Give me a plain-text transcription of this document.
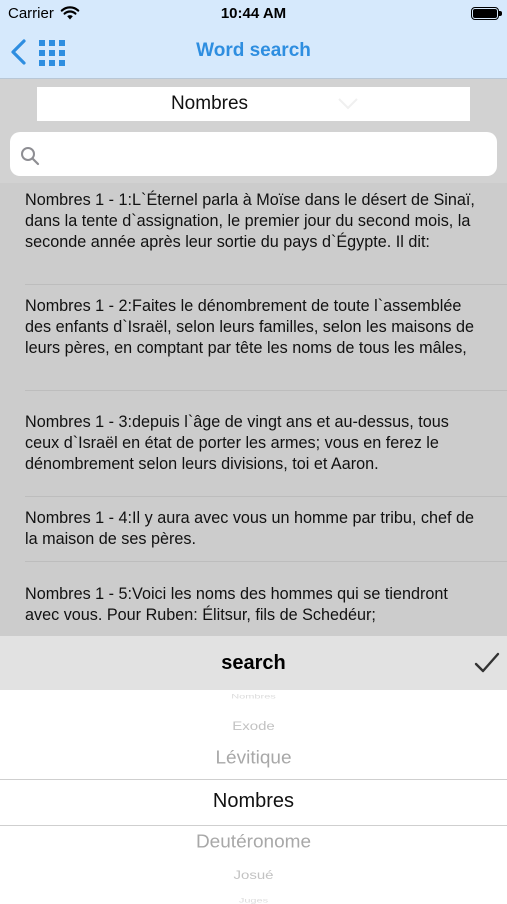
Carrier	10:44 AM
Word search
Nombres
Nombres 1 - 1:L`Éternel parla à Moïse dans le désert de Sinaï, dans la tente d`assignation, le premier jour du second mois, la seconde année après leur sortie du pays d`Égypte. Il dit:
Nombres 1 - 2:Faites le dénombrement de toute l`assemblée des enfants d`Israël, selon leurs familles, selon les maisons de leurs pères, en comptant par tête les noms de tous les mâles,
Nombres 1 - 3:depuis l`âge de vingt ans et au-dessus, tous ceux d`Israël en état de porter les armes; vous en ferez le dénombrement selon leurs divisions, toi et Aaron.
Nombres 1 - 4:Il y aura avec vous un homme par tribu, chef de la maison de ses pères.
Nombres 1 - 5:Voici les noms des hommes qui se tiendront avec vous. Pour Ruben: Élitsur, fils de Schedéur;
search
Nombres
Exode
Lévitique
Nombres
Deutéronome
Josué
Juges
